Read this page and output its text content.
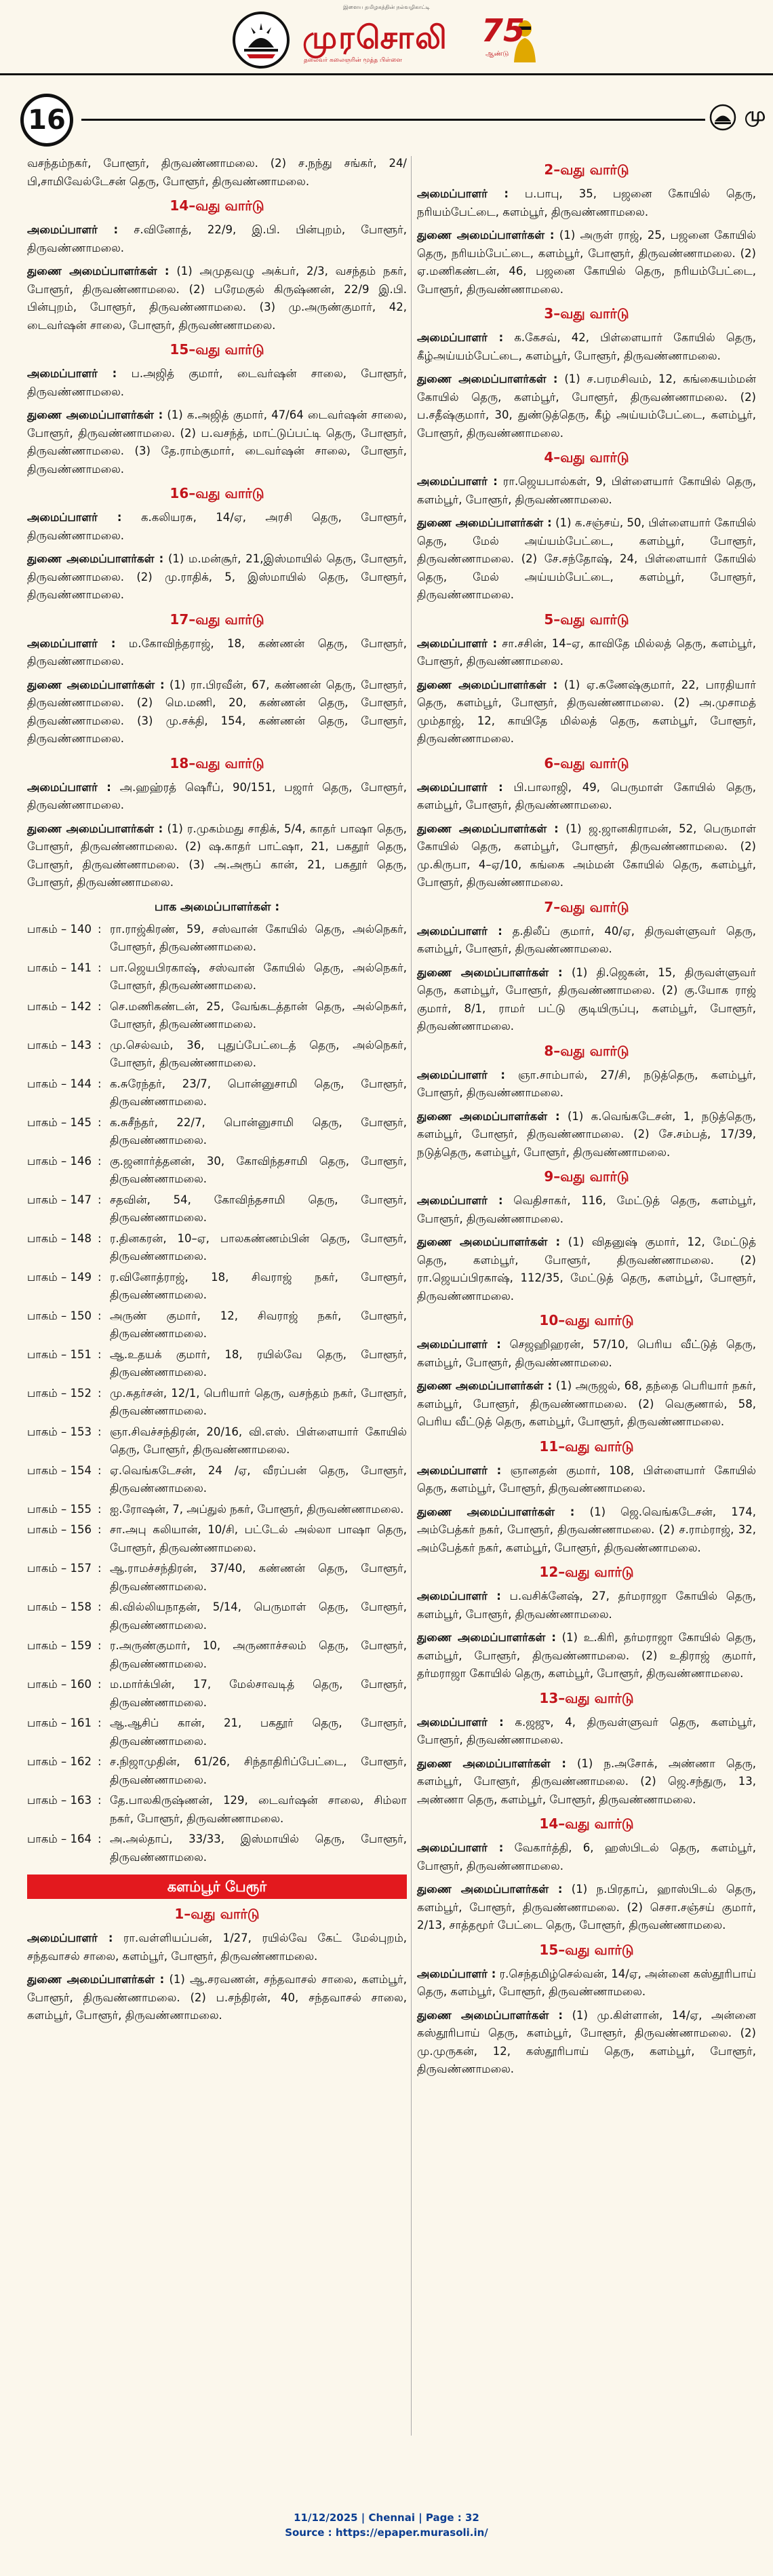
இளைய தமிழகத்தின் நல்வழிகாட்டி
முரசொலி
தலைவர் கலைஞரின் மூத்த பிள்ளை
75
ஆண்டு
16	மு

வசந்தம்நகர், போளூர், திருவண்ணாமலை. (2) ச.நந்து சங்கர், 24/பி,சாமிவேல்டேசன் தெரு, போளூர், திருவண்ணாமலை.

14–வது வார்டு

அமைப்பாளர் : ச.வினோத், 22/9, இ.பி. பின்புறம், போளூர், திருவண்ணாமலை.

துணை அமைப்பாளர்கள் : (1) அமுதவழு அக்பர், 2/3, வசந்தம் நகர், போளூர், திருவண்ணாமலை. (2) பரேமகுல் கிருஷ்ணன், 22/9 இ.பி. பின்புறம், போளூர், திருவண்ணாமலை. (3) மு.அருண்குமார், 42, டைவர்ஷன் சாலை, போளூர், திருவண்ணாமலை.

15–வது வார்டு

அமைப்பாளர் : ப.அஜித் குமார், டைவர்ஷன் சாலை, போளூர், திருவண்ணாமலை.

துணை அமைப்பாளர்கள் : (1) க.அஜித் குமார், 47/64 டைவர்ஷன் சாலை, போளூர், திருவண்ணாமலை. (2) ப.வசந்த், மாட்டுப்பட்டி தெரு, போளூர், திருவண்ணாமலை. (3) தே.ராம்குமார், டைவர்ஷன் சாலை, போளூர், திருவண்ணாமலை.

16–வது வார்டு

அமைப்பாளர் : க.கலியரசு, 14/ஏ, அரசி தெரு, போளூர், திருவண்ணாமலை.

துணை அமைப்பாளர்கள் : (1) ம.மன்சூர், 21,இஸ்மாயில் தெரு, போளூர், திருவண்ணாமலை. (2) மு.ராதிக், 5, இஸ்மாயில் தெரு, போளூர், திருவண்ணாமலை.

17–வது வார்டு

அமைப்பாளர் : ம.கோவிந்தராஜ், 18, கண்ணன் தெரு, போளூர், திருவண்ணாமலை.

துணை அமைப்பாளர்கள் : (1) ரா.பிரவீன், 67, கண்ணன் தெரு, போளூர், திருவண்ணாமலை. (2) மெ.மணி, 20, கண்ணன் தெரு, போளூர், திருவண்ணாமலை. (3) மு.சக்தி, 154, கண்ணன் தெரு, போளூர், திருவண்ணாமலை.

18–வது வார்டு

அமைப்பாளர் : அ.ஹஹ்ரத் ஷெரீப், 90/151, பஜார் தெரு, போளூர், திருவண்ணாமலை.

துணை அமைப்பாளர்கள் : (1) ர.முகம்மது சாதிக், 5/4, காதர் பாஷா தெரு, போளூர், திருவண்ணாமலை. (2) ஷ.காதர் பாட்ஷா, 21, பகதூர் தெரு, போளூர், திருவண்ணாமலை. (3) அ.அரூப் கான், 21, பகதூர் தெரு, போளூர், திருவண்ணாமலை.

பாக அமைப்பாளர்கள் :
பாகம் – 140 : ரா.ராஜ்கிரண், 59, சஸ்வான் கோயில் தெரு, அல்நெகர், போளூர், திருவண்ணாமலை.
பாகம் – 141 : பா.ஜெயபிரகாஷ், சஸ்வான் கோயில் தெரு, அல்நெகர், போளூர், திருவண்ணாமலை.
பாகம் – 142 : செ.மணிகண்டன், 25, வேங்கடத்தான் தெரு, அல்நெகர், போளூர், திருவண்ணாமலை.
பாகம் – 143 : மு.செல்வம், 36, புதுப்பேட்டைத் தெரு, அல்நெகர், போளூர், திருவண்ணாமலை.
பாகம் – 144 : க.சுரேந்தர், 23/7, பொன்னுசாமி தெரு, போளூர், திருவண்ணாமலை.
பாகம் – 145 : க.சுசீந்தர், 22/7, பொன்னுசாமி தெரு, போளூர், திருவண்ணாமலை.
பாகம் – 146 : கு.ஜனார்த்தனன், 30, கோவிந்தசாமி தெரு, போளூர், திருவண்ணாமலை.
பாகம் – 147 : சதவின், 54, கோவிந்தசாமி தெரு, போளூர், திருவண்ணாமலை.
பாகம் – 148 : ர.தினகரன், 10–ஏ, பாலகண்ணம்பின் தெரு, போளூர், திருவண்ணாமலை.
பாகம் – 149 : ர.வினோத்ராஜ், 18, சிவராஜ் நகர், போளூர், திருவண்ணாமலை.
பாகம் – 150 : அருண் குமார், 12, சிவராஜ் நகர், போளூர், திருவண்ணாமலை.
பாகம் – 151 : ஆ.உதயக் குமார், 18, ரயில்வே தெரு, போளூர், திருவண்ணாமலை.
பாகம் – 152 : மு.சுதர்சன், 12/1, பெரியார் தெரு, வசந்தம் நகர், போளூர், திருவண்ணாமலை.
பாகம் – 153 : ஞா.சிவச்சந்திரன், 20/16, வி.எஸ். பிள்ளையார் கோயில் தெரு, போளூர், திருவண்ணாமலை.
பாகம் – 154 : ஏ.வெங்கடேசன், 24 /ஏ, வீரப்பன் தெரு, போளூர், திருவண்ணாமலை.
பாகம் – 155 : ஐ.ரோஷன், 7, அப்துல் நகர், போளூர், திருவண்ணாமலை.
பாகம் – 156 : சா.அபு கலியான், 10/சி, பட்டேல் அல்லா பாஷா தெரு, போளூர், திருவண்ணாமலை.
பாகம் – 157 : ஆ.ராமச்சந்திரன், 37/40, கண்ணன் தெரு, போளூர், திருவண்ணாமலை.
பாகம் – 158 : கி.வில்லியநாதன், 5/14, பெருமாள் தெரு, போளூர், திருவண்ணாமலை.
பாகம் – 159 : ர.அருண்குமார், 10, அருணாச்சலம் தெரு, போளூர், திருவண்ணாமலை.
பாகம் – 160 : ம.மார்க்பின், 17, மேல்சாவடித் தெரு, போளூர், திருவண்ணாமலை.
பாகம் – 161 : ஆ.ஆசிப் கான், 21, பகதூர் தெரு, போளூர், திருவண்ணாமலை.
பாகம் – 162 : ச.நிஜாமுதின், 61/26, சிந்தாதிரிப்பேட்டை, போளூர், திருவண்ணாமலை.
பாகம் – 163 : தே.பாலகிருஷ்ணன், 129, டைவர்ஷன் சாலை, சிம்லா நகர், போளூர், திருவண்ணாமலை.
பாகம் – 164 : அ.அல்தாப், 33/33, இஸ்மாயில் தெரு, போளூர், திருவண்ணாமலை.
களம்பூர் பேரூர்
1–வது வார்டு

அமைப்பாளர் : ரா.வள்ளியப்பன், 1/27, ரயில்வே கேட் மேல்புறம், சந்தவாசல் சாலை, களம்பூர், போளூர், திருவண்ணாமலை.

துணை அமைப்பாளர்கள் : (1) ஆ.சரவணன், சந்தவாசல் சாலை, களம்பூர், போளூர், திருவண்ணாமலை. (2) ப.சந்திரன், 40, சந்தவாசல் சாலை, களம்பூர், போளூர், திருவண்ணாமலை.

2–வது வார்டு

அமைப்பாளர் : ப.பாபு, 35, பஜனை கோயில் தெரு, நரியம்பேட்டை, களம்பூர், திருவண்ணாமலை.

துணை அமைப்பாளர்கள் : (1) அருள் ராஜ், 25, பஜனை கோயில் தெரு, நரியம்பேட்டை, களம்பூர், போளூர், திருவண்ணாமலை. (2) ஏ.மணிகண்டன், 46, பஜனை கோயில் தெரு, நரியம்பேட்டை, போளூர், திருவண்ணாமலை.

3–வது வார்டு

அமைப்பாளர் : க.கேசவ், 42, பிள்ளையார் கோயில் தெரு, கீழ்அய்யம்பேட்டை, களம்பூர், போளூர், திருவண்ணாமலை.

துணை அமைப்பாளர்கள் : (1) ச.பரமசிவம், 12, கங்கையம்மன் கோயில் தெரு, களம்பூர், போளூர், திருவண்ணாமலை. (2) ப.சதீஷ்குமார், 30, துண்டுத்தெரு, கீழ் அய்யம்பேட்டை, களம்பூர், போளூர், திருவண்ணாமலை.

4–வது வார்டு

அமைப்பாளர் : ரா.ஜெயபால்கள், 9, பிள்ளையார் கோயில் தெரு, களம்பூர், போளூர், திருவண்ணாமலை.

துணை அமைப்பாளர்கள் : (1) க.சஞ்சய், 50, பிள்ளையார் கோயில் தெரு, மேல் அய்யம்பேட்டை, களம்பூர், போளூர், திருவண்ணாமலை. (2) சே.சந்தோஷ், 24, பிள்ளையார் கோயில் தெரு, மேல் அய்யம்பேட்டை, களம்பூர், போளூர், திருவண்ணாமலை.

5–வது வார்டு

அமைப்பாளர் : சா.சசின், 14–ஏ, காவிதே மில்லத் தெரு, களம்பூர், போளூர், திருவண்ணாமலை.

துணை அமைப்பாளர்கள் : (1) ஏ.கணேஷ்குமார், 22, பாரதியார் தெரு, களம்பூர், போளூர், திருவண்ணாமலை. (2) அ.முசாமத் மும்தாஜ், 12, காயிதே மில்லத் தெரு, களம்பூர், போளூர், திருவண்ணாமலை.

6–வது வார்டு

அமைப்பாளர் : பி.பாலாஜி, 49, பெருமாள் கோயில் தெரு, களம்பூர், போளூர், திருவண்ணாமலை.

துணை அமைப்பாளர்கள் : (1) ஜ.ஜானகிராமன், 52, பெருமாள் கோயில் தெரு, களம்பூர், போளூர், திருவண்ணாமலை. (2) மு.கிருபா, 4–ஏ/10, கங்கை அம்மன் கோயில் தெரு, களம்பூர், போளூர், திருவண்ணாமலை.

7–வது வார்டு

அமைப்பாளர் : த.திலீப் குமார், 40/ஏ, திருவள்ளுவர் தெரு, களம்பூர், போளூர், திருவண்ணாமலை.

துணை அமைப்பாளர்கள் : (1) தி.ஜெகன், 15, திருவள்ளுவர் தெரு, களம்பூர், போளூர், திருவண்ணாமலை. (2) கு.யோக ராஜ் குமார், 8/1, ராமர் பட்டு குடியிருப்பு, களம்பூர், போளூர், திருவண்ணாமலை.

8–வது வார்டு

அமைப்பாளர் : ஞா.சாம்பால், 27/சி, நடுத்தெரு, களம்பூர், போளூர், திருவண்ணாமலை.

துணை அமைப்பாளர்கள் : (1) க.வெங்கடேசன், 1, நடுத்தெரு, களம்பூர், போளூர், திருவண்ணாமலை. (2) சே.சம்பத், 17/39, நடுத்தெரு, களம்பூர், போளூர், திருவண்ணாமலை.

9–வது வார்டு

அமைப்பாளர் : வெதிசாகர், 116, மேட்டுத் தெரு, களம்பூர், போளூர், திருவண்ணாமலை.

துணை அமைப்பாளர்கள் : (1) விதனுஷ் குமார், 12, மேட்டுத் தெரு, களம்பூர், போளூர், திருவண்ணாமலை. (2) ரா.ஜெயப்பிரகாஷ், 112/35, மேட்டுத் தெரு, களம்பூர், போளூர், திருவண்ணாமலை.

10–வது வார்டு

அமைப்பாளர் : செஜஹிஹரன், 57/10, பெரிய வீட்டுத் தெரு, களம்பூர், போளூர், திருவண்ணாமலை.

துணை அமைப்பாளர்கள் : (1) அருஜல், 68, தந்தை பெரியார் நகர், களம்பூர், போளூர், திருவண்ணாமலை. (2) வெகுணால், 58, பெரிய வீட்டுத் தெரு, களம்பூர், போளூர், திருவண்ணாமலை.

11–வது வார்டு

அமைப்பாளர் : ஞானதன் குமார், 108, பிள்ளையார் கோயில் தெரு, களம்பூர், போளூர், திருவண்ணாமலை.

துணை அமைப்பாளர்கள் : (1) ஜெ.வெங்கடேசன், 174, அம்பேத்கர் நகர், போளூர், திருவண்ணாமலை. (2) ச.ராம்ராஜ், 32, அம்பேத்கர் நகர், களம்பூர், போளூர், திருவண்ணாமலை.

12–வது வார்டு

அமைப்பாளர் : ப.வசிக்னேஷ், 27, தர்மராஜா கோயில் தெரு, களம்பூர், போளூர், திருவண்ணாமலை.

துணை அமைப்பாளர்கள் : (1) உ.கிரி, தர்மராஜா கோயில் தெரு, களம்பூர், போளூர், திருவண்ணாமலை. (2) உதிராஜ் குமார், தர்மராஜா கோயில் தெரு, களம்பூர், போளூர், திருவண்ணாமலை.

13–வது வார்டு

அமைப்பாளர் : க.ஜஜு, 4, திருவள்ளுவர் தெரு, களம்பூர், போளூர், திருவண்ணாமலை.

துணை அமைப்பாளர்கள் : (1) ந.அசோக், அண்ணா தெரு, களம்பூர், போளூர், திருவண்ணாமலை. (2) ஜெ.சந்துரு, 13, அண்ணா தெரு, களம்பூர், போளூர், திருவண்ணாமலை.

14–வது வார்டு

அமைப்பாளர் : வேகார்த்தி, 6, ஹஸ்பிடல் தெரு, களம்பூர், போளூர், திருவண்ணாமலை.

துணை அமைப்பாளர்கள் : (1) ந.பிரதாப், ஹாஸ்பிடல் தெரு, களம்பூர், போளூர், திருவண்ணாமலை. (2) செசா.சஞ்சய் குமார், 2/13, சாத்தமூர் பேட்டை தெரு, போளூர், திருவண்ணாமலை.

15–வது வார்டு

அமைப்பாளர் : ர.செந்தமிழ்செல்வன், 14/ஏ, அன்னை கஸ்தூரிபாய் தெரு, களம்பூர், போளூர், திருவண்ணாமலை.

துணை அமைப்பாளர்கள் : (1) மு.கிள்ளான், 14/ஏ, அன்னை கஸ்தூரிபாய் தெரு, களம்பூர், போளூர், திருவண்ணாமலை. (2) மு.முருகன், 12, கஸ்தூரிபாய் தெரு, களம்பூர், போளூர், திருவண்ணாமலை.

11/12/2025 | Chennai | Page : 32
Source : https://epaper.murasoli.in/
